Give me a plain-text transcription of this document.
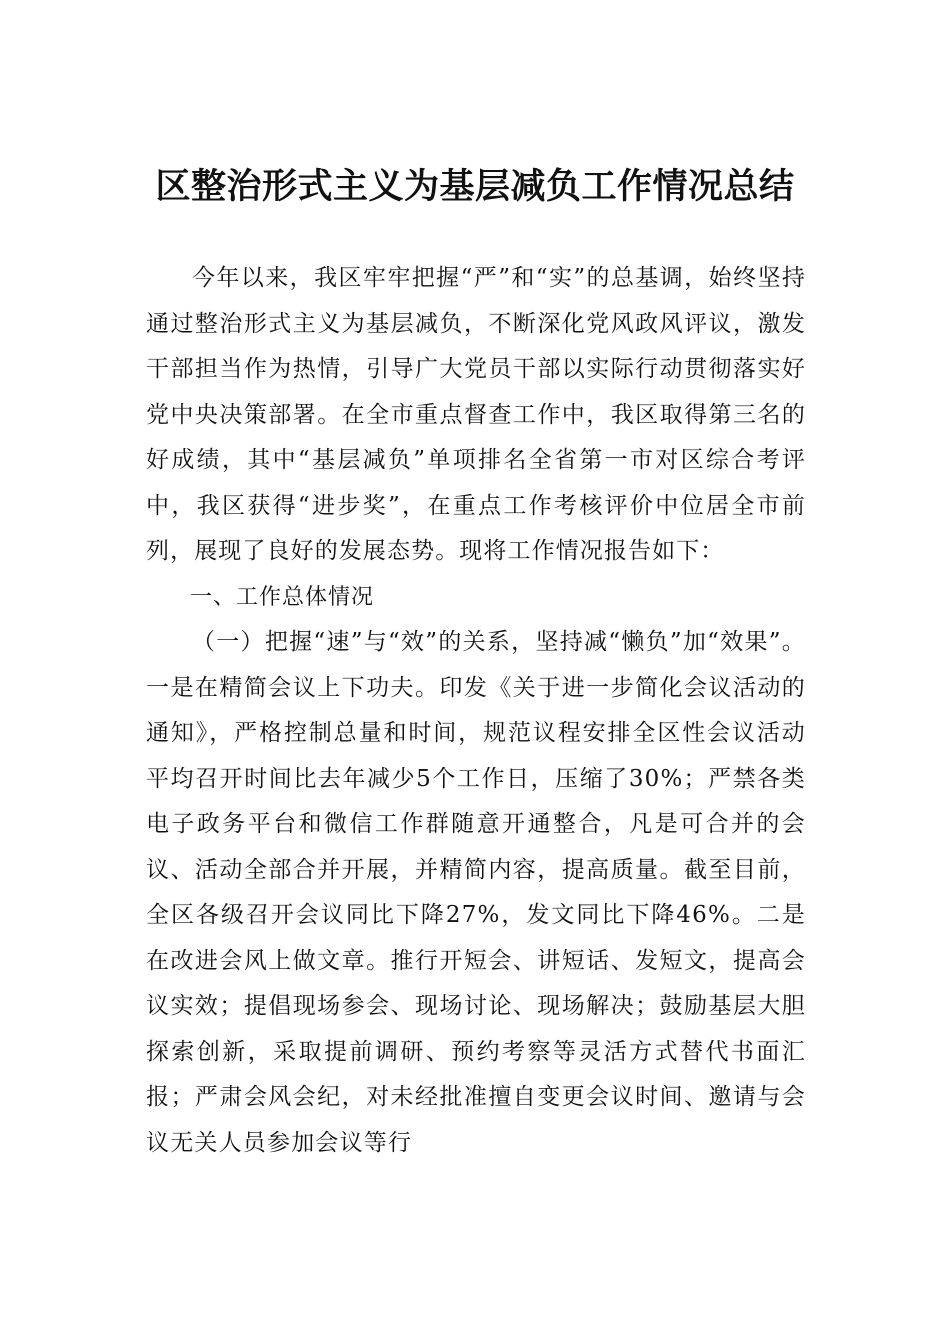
区整治形式主义为基层减负工作情况总结

今年以来，我区牢牢把握“严”和“实”的总基调，始终坚持通过整治形式主义为基层减负，不断深化党风政风评议，激发干部担当作为热情，引导广大党员干部以实际行动贯彻落实好党中央决策部署。在全市重点督查工作中，我区取得第三名的好成绩，其中“基层减负”单项排名全省第一市对区综合考评中，我区获得“进步奖”，在重点工作考核评价中位居全市前列，展现了良好的发展态势。现将工作情况报告如下：

一、工作总体情况

（一）把握“速”与“效”的关系，坚持减“懒负”加“效果”。一是在精简会议上下功夫。印发《关于进一步简化会议活动的通知》，严格控制总量和时间，规范议程安排全区性会议活动平均召开时间比去年减少5个工作日，压缩了30%；严禁各类电子政务平台和微信工作群随意开通整合，凡是可合并的会议、活动全部合并开展，并精简内容，提高质量。截至目前，全区各级召开会议同比下降27%，发文同比下降46%。二是在改进会风上做文章。推行开短会、讲短话、发短文，提高会议实效；提倡现场参会、现场讨论、现场解决；鼓励基层大胆探索创新，采取提前调研、预约考察等灵活方式替代书面汇报；严肃会风会纪，对未经批准擅自变更会议时间、邀请与会议无关人员参加会议等行
